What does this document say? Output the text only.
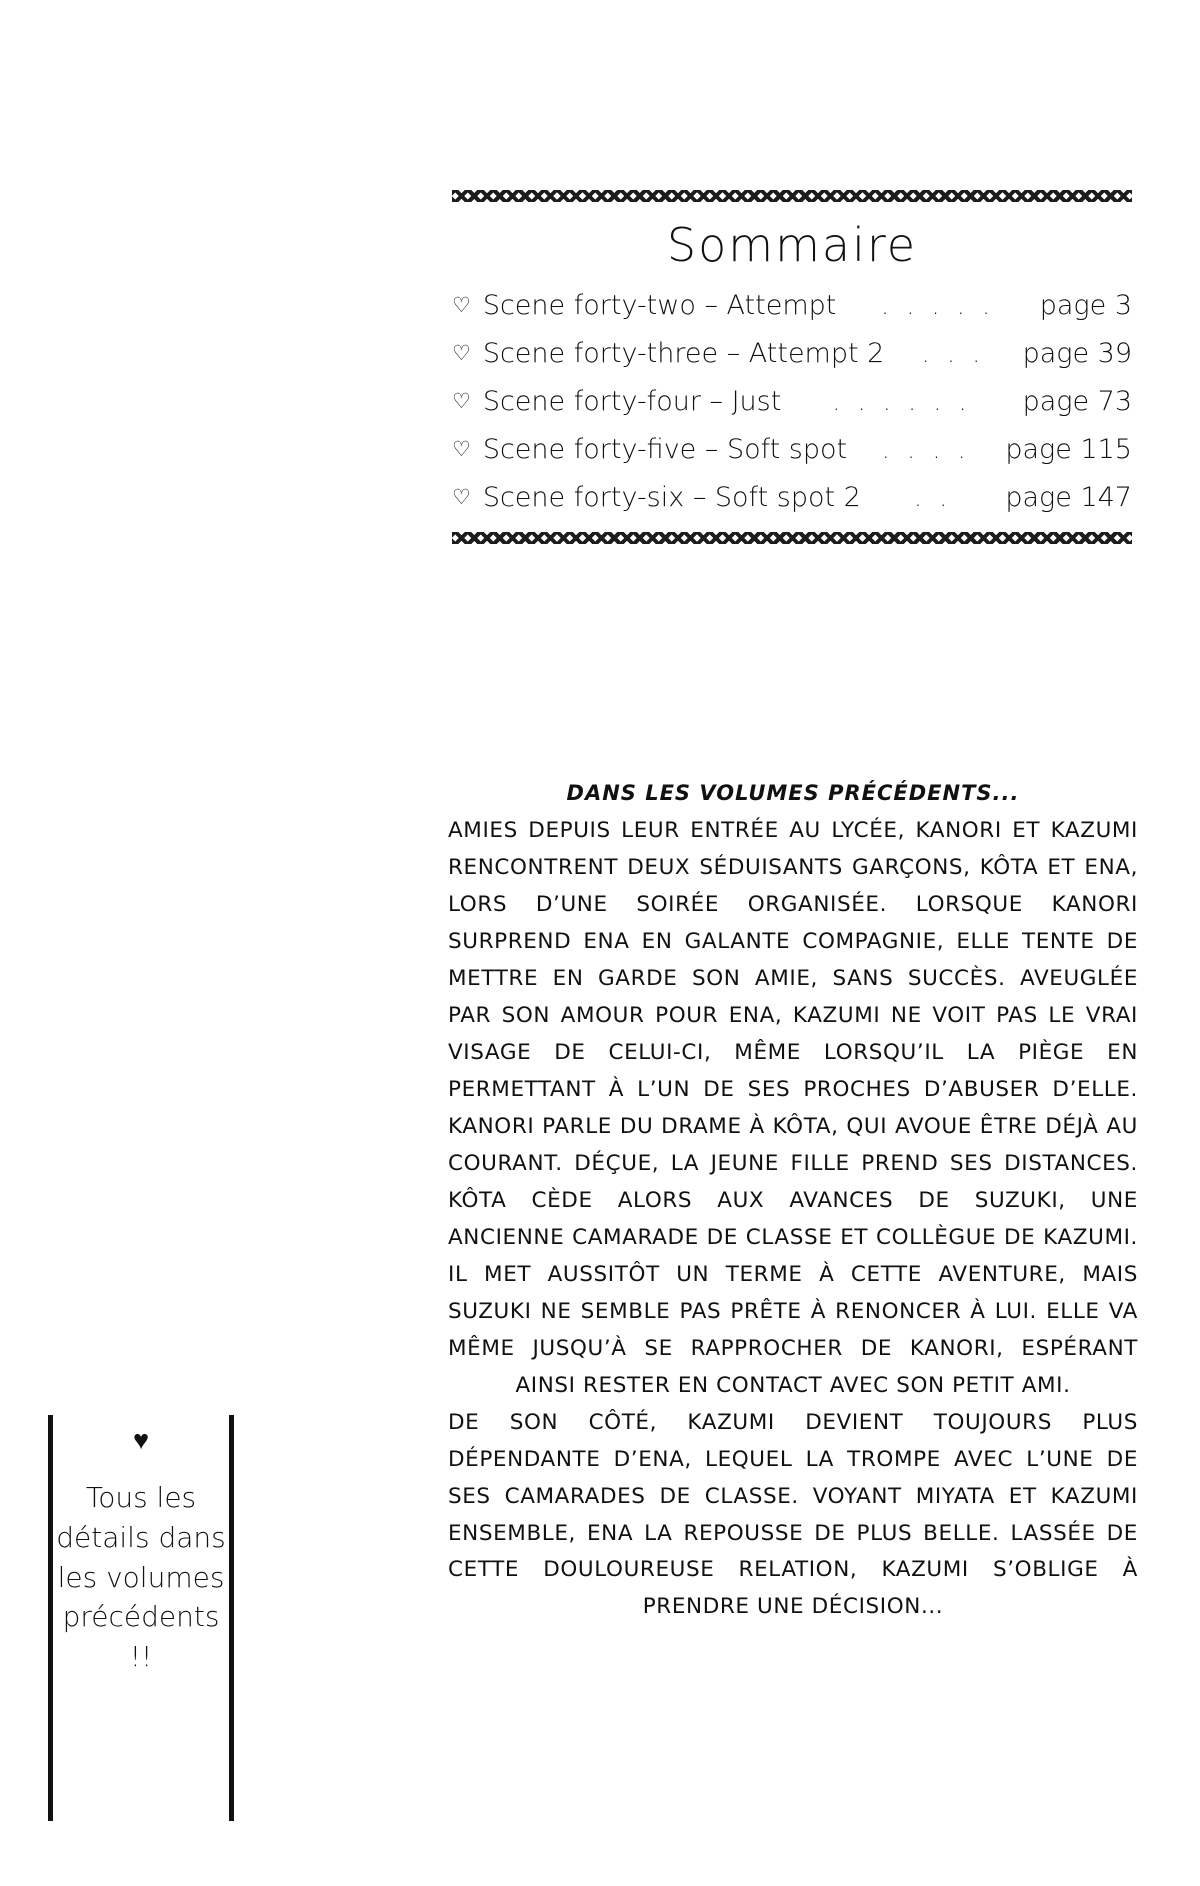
Sommaire
♡ Scene forty-two – Attempt	. . . . .	page 3
♡ Scene forty-three – Attempt 2	. . .	page 39
♡ Scene forty-four – Just	. . . . . .	page 73
♡ Scene forty-five – Soft spot	. . . .	page 115
♡ Scene forty-six – Soft spot 2	. .	page 147
DANS LES VOLUMES PRÉCÉDENTS...

AMIES DEPUIS LEUR ENTRÉE AU LYCÉE, KANORI ET KAZUMI RENCONTRENT DEUX SÉDUISANTS GARÇONS, KÔTA ET ENA, LORS D’UNE SOIRÉE ORGANISÉE. LORSQUE KANORI SURPREND ENA EN GALANTE COMPAGNIE, ELLE TENTE DE METTRE EN GARDE SON AMIE, SANS SUCCÈS. AVEUGLÉE PAR SON AMOUR POUR ENA, KAZUMI NE VOIT PAS LE VRAI VISAGE DE CELUI-CI, MÊME LORSQU’IL LA PIÈGE EN PERMETTANT À L’UN DE SES PROCHES D’ABUSER D’ELLE. KANORI PARLE DU DRAME À KÔTA, QUI AVOUE ÊTRE DÉJÀ AU COURANT. DÉÇUE, LA JEUNE FILLE PREND SES DISTANCES. KÔTA CÈDE ALORS AUX AVANCES DE SUZUKI, UNE ANCIENNE CAMARADE DE CLASSE ET COLLÈGUE DE KAZUMI. IL MET AUSSITÔT UN TERME À CETTE AVENTURE, MAIS SUZUKI NE SEMBLE PAS PRÊTE À RENONCER À LUI. ELLE VA MÊME JUSQU’À SE RAPPROCHER DE KANORI, ESPÉRANT AINSI RESTER EN CONTACT AVEC SON PETIT AMI.

DE SON CÔTÉ, KAZUMI DEVIENT TOUJOURS PLUS DÉPENDANTE D’ENA, LEQUEL LA TROMPE AVEC L’UNE DE SES CAMARADES DE CLASSE. VOYANT MIYATA ET KAZUMI ENSEMBLE, ENA LA REPOUSSE DE PLUS BELLE. LASSÉE DE CETTE DOULOUREUSE RELATION, KAZUMI S’OBLIGE À PRENDRE UNE DÉCISION...

♥
Tous les détails dans les volumes précédents !!
